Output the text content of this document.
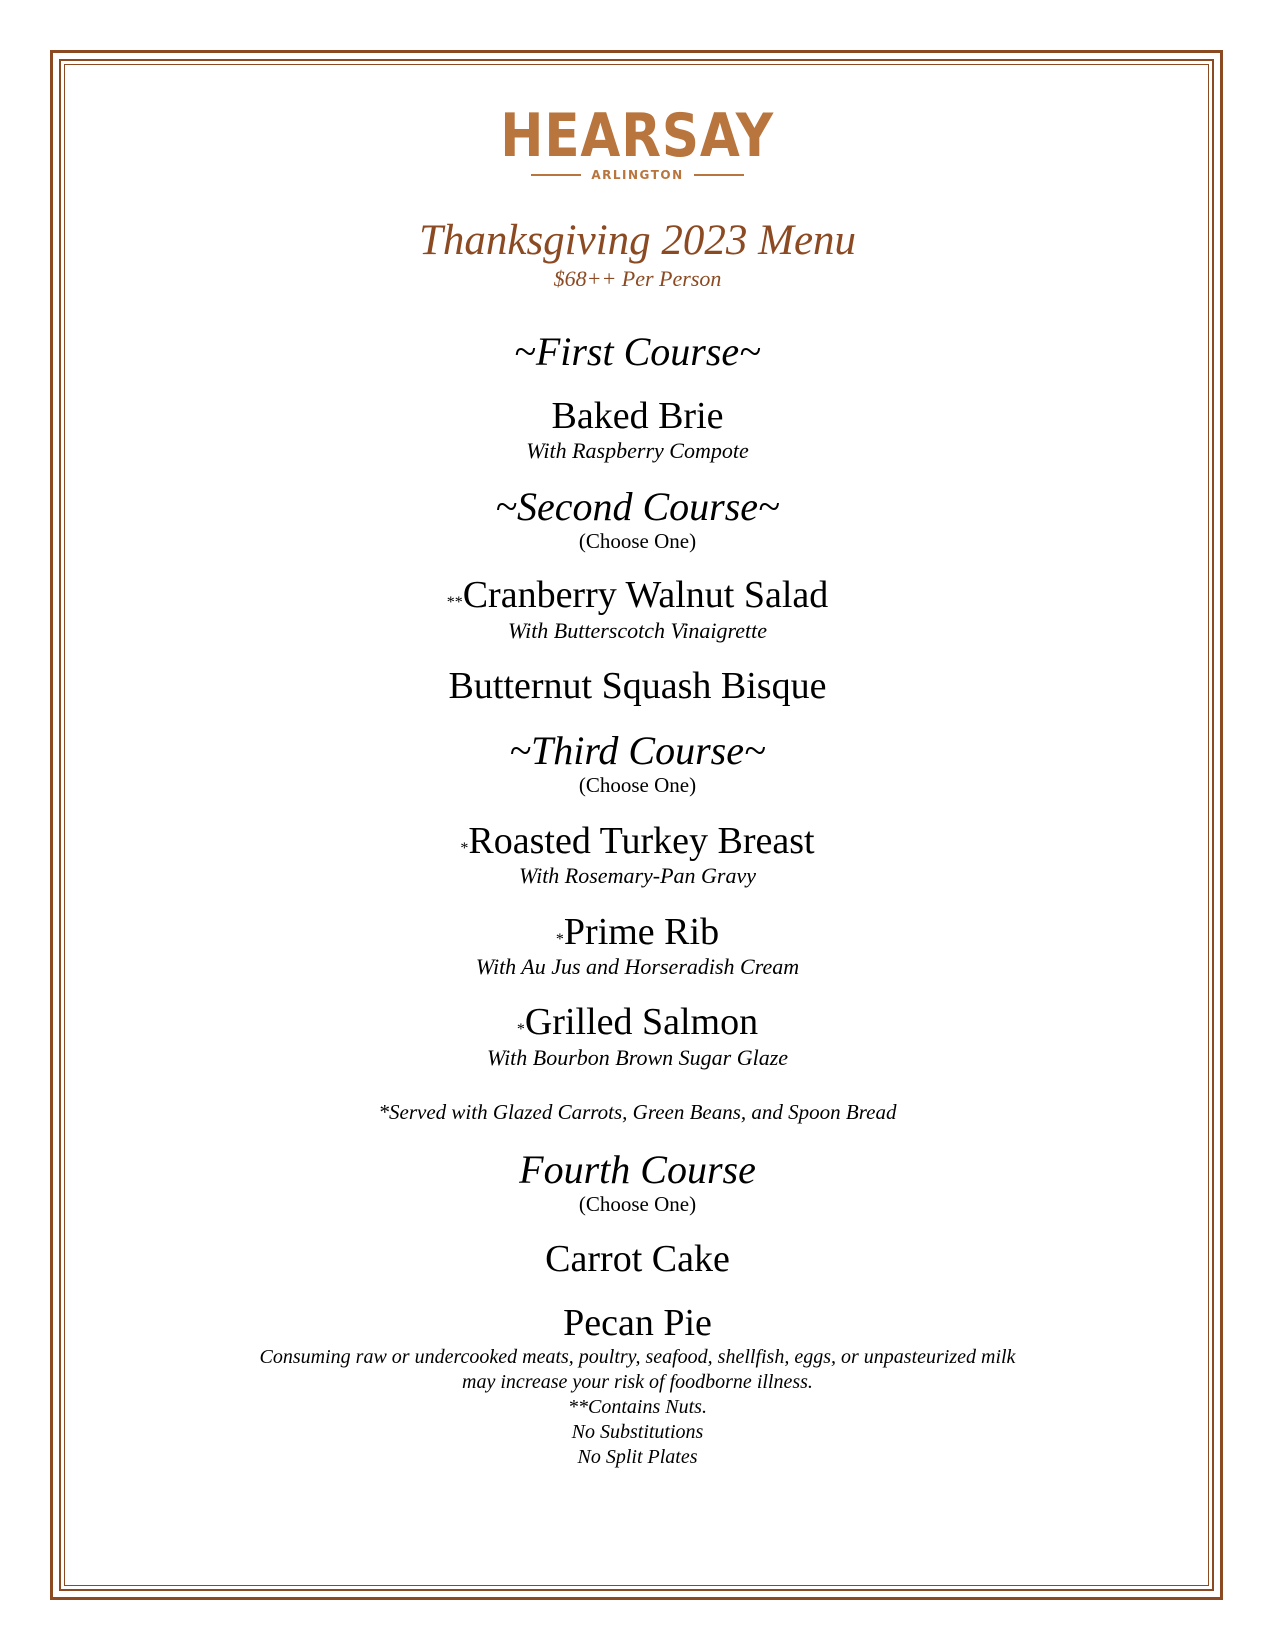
HEARSAY
ARLINGTON
Thanksgiving 2023 Menu
$68++ Per Person
~First Course~
Baked Brie
With Raspberry Compote
~Second Course~
(Choose One)
**Cranberry Walnut Salad
With Butterscotch Vinaigrette
Butternut Squash Bisque
~Third Course~
(Choose One)
*Roasted Turkey Breast
With Rosemary-Pan Gravy
*Prime Rib
With Au Jus and Horseradish Cream
*Grilled Salmon
With Bourbon Brown Sugar Glaze
*Served with Glazed Carrots, Green Beans, and Spoon Bread
Fourth Course
(Choose One)
Carrot Cake
Pecan Pie
Consuming raw or undercooked meats, poultry, seafood, shellfish, eggs, or unpasteurized milk
may increase your risk of foodborne illness.
**Contains Nuts.
No Substitutions
No Split Plates
